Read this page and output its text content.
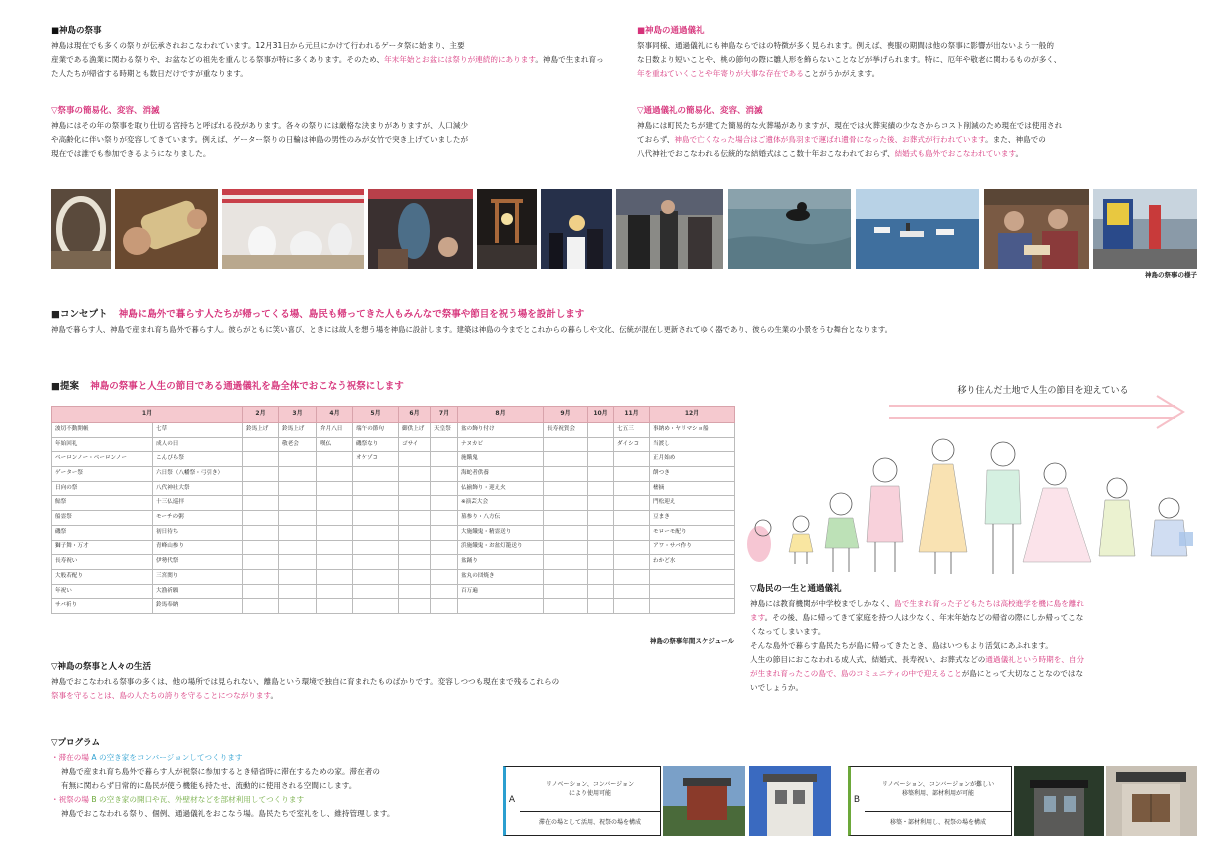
■神島の祭事
神島は現在でも多くの祭りが伝承されおこなわれています。12月31日から元旦にかけて行われるゲータ祭に始まり、主要
産業である漁業に関わる祭りや、お盆などの祖先を重んじる祭事が特に多くあります。そのため、年末年始とお盆には祭りが連続的にあります。神島で生まれ育った人たちが帰省する時期とも数日だけですが重なります。
▽祭事の簡易化、変容、消滅
神島にはその年の祭事を取り仕切る宮持ちと呼ばれる役があります。各々の祭りには厳格な決まりがありますが、人口減少
や高齢化に伴い祭りが変容してきています。例えば、ゲーター祭りの日輪は神島の男性のみが女竹で突き上げていましたが
現在では誰でも参加できるようになりました。
■神島の通過儀礼
祭事同様、通過儀礼にも神島ならではの特徴が多く見られます。例えば、喪服の期間は他の祭事に影響が出ないよう一般的
な日数より短いことや、桃の節句の際に雛人形を飾らないことなどが挙げられます。特に、厄年や敬老に関わるものが多く、
年を重ねていくことや年寄りが大事な存在であることがうかがえます。
▽通過儀礼の簡易化、変容、消滅
神島には町民たちが建てた簡易的な火葬場がありますが、現在では火葬実績の少なさからコスト削減のため現在では使用され
ておらず、神島で亡くなった場合はご遺体が鳥羽まで運ばれ遺骨になった後、お葬式が行われています。また、神島での
八代神社でおこなわれる伝統的な結婚式はここ数十年おこなわれておらず、結婚式も島外でおこなわれています。
神島の祭事の様子
■コンセプト 神島に島外で暮らす人たちが帰ってくる場、島民も帰ってきた人もみんなで祭事や節目を祝う場を設計します
神島で暮らす人、神島で産まれ育ち島外で暮らす人。彼らがともに笑い喜び、ときには故人を想う場を神島に設計します。建築は神島の今までとこれからの暮らしや文化、伝統が混在し更新されてゆく器であり、彼らの生業の小景をうむ舞台となります。
■提案 神島の祭事と人生の節目である通過儀礼を島全体でおこなう祝祭にします
1月		2月	3月	4月	5月	6月	7月	8月	9月	10月	11月	12月
波切不動開帳	七草	鈴馬上げ	鈴馬上げ	弁月八日	端午の節句	御供上げ	天皇祭	盆の飾り付け	長寿祝賀会		七五三	事納め・ヤリマショ船
年始回礼	成人の日		敬老会	嘆仏	磯祭なり	ゴサイ		ナヌカビ			ダイシコ	当渡し
ベーロンノー・ベーロンノー	こんぴら祭				オケゾコ			施餓鬼				正月始め
ゲーター祭	六日祭（八幡祭・弓引き）							海蛇者供養				餅つき
日向の祭	八代神社大祭							仏揃飾り・迎え火				樒摘
鮎祭	十三仏巡拝							※演芸大会				門松迎え
船霊祭	モーチの粥							墓参り・八方伝				豆まき
磯祭	初日待ち							大施餓鬼・精霊送り				モローモ配り
獅子舞・万才	青峰山参り							浜施餓鬼・お盆灯籠送り				アワ・サバ作り
長寿祝い	伊勢代祭							盆踊り				わかど水
大般若配り	三宮関り							盆丸の団焼き				
年祝い	大漁祈願							百万遍				
サバ祈り	鈴馬奉納											
神島の祭事年間スケジュール
▽神島の祭事と人々の生活
神島でおこなわれる祭事の多くは、他の場所では見られない、離島という環境で独自に育まれたものばかりです。変容しつつも現在まで残るこれらの
祭事を守ることは、島の人たちの誇りを守ることにつながります。
移り住んだ土地で人生の節目を迎えている
▽島民の一生と通過儀礼
神島には教育機関が中学校までしかなく、島で生まれ育った子どもたちは高校進学を機に島を離れ
ます。その後、島に帰ってきて家庭を持つ人は少なく、年末年始などの帰省の際にしか帰ってこな
くなってしまいます。
そんな島外で暮らす島民たちが島に帰ってきたとき、島はいつもより活気にあふれます。
人生の節目におこなわれる成人式、結婚式、長寿祝い、お葬式などの通過儀礼という時期を、自分
が生まれ育ったこの島で、島のコミュニティの中で迎えることが島にとって大切なことなのではな
いでしょうか。
▽プログラム
・滞在の場 A の空き家をコンバージョンしてつくります
神島で産まれ育ち島外で暮らす人が祝祭に参加するとき帰省時に滞在するための家。滞在者の
有無に関わらず日常的に島民が使う機能も持たせ、流動的に使用される空間にします。
・祝祭の場 B の空き家の開口や瓦、外壁材などを部材利用してつくります
神島でおこなわれる祭り、個例、通過儀礼をおこなう場。島民たちで室礼をし、維持管理します。
A
リノベーション、コンバージョン
により使用可能
滞在の場として活用、祝祭の場を構成
B
リノベーション、コンバージョンが難しい
移築利用、部材利用が可能
移築・部材利用し、祝祭の場を構成
